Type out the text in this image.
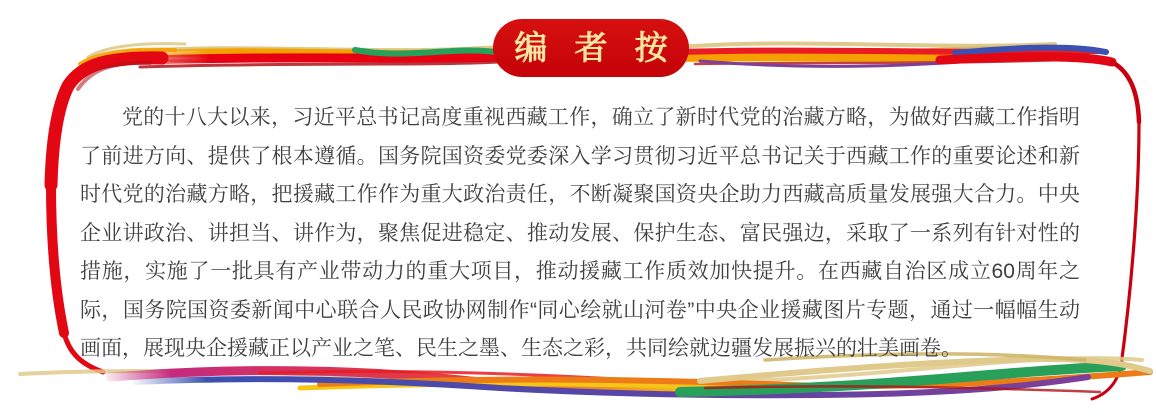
编 者 按

党的十八大以来，习近平总书记高度重视西藏工作，确立了新时代党的治藏方略，为做好西藏工作指明了前进方向、提供了根本遵循。国务院国资委党委深入学习贯彻习近平总书记关于西藏工作的重要论述和新时代党的治藏方略，把援藏工作作为重大政治责任，不断凝聚国资央企助力西藏高质量发展强大合力。中央企业讲政治、讲担当、讲作为，聚焦促进稳定、推动发展、保护生态、富民强边，采取了一系列有针对性的措施，实施了一批具有产业带动力的重大项目，推动援藏工作质效加快提升。在西藏自治区成立60周年之际，国务院国资委新闻中心联合人民政协网制作“同心绘就山河卷”中央企业援藏图片专题，通过一幅幅生动画面，展现央企援藏正以产业之笔、民生之墨、生态之彩，共同绘就边疆发展振兴的壮美画卷。
